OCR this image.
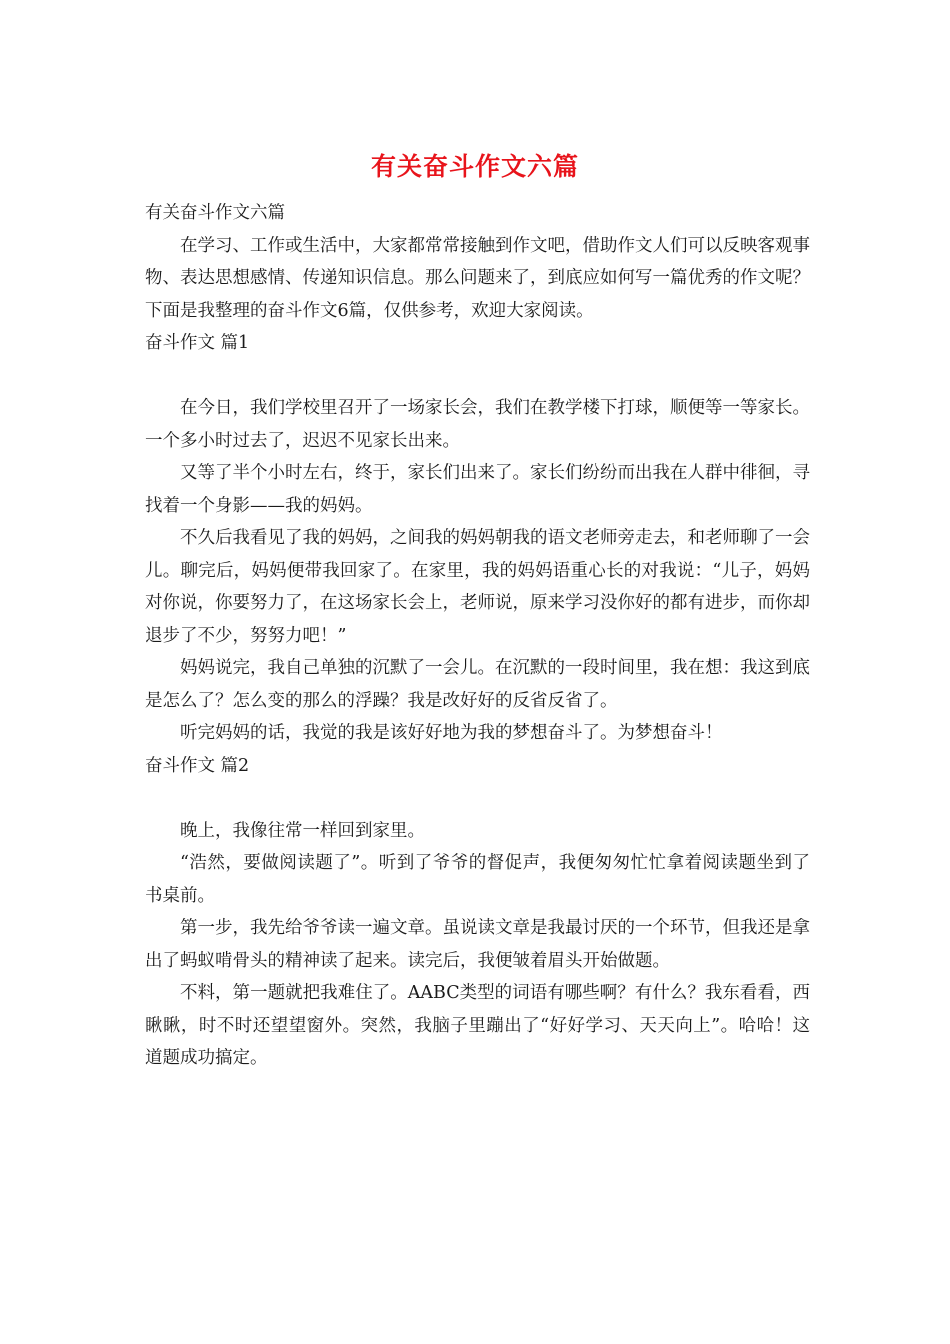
有关奋斗作文六篇

有关奋斗作文六篇

在学习、工作或生活中，大家都常常接触到作文吧，借助作文人们可以反映客观事物、表达思想感情、传递知识信息。那么问题来了，到底应如何写一篇优秀的作文呢？下面是我整理的奋斗作文6篇，仅供参考，欢迎大家阅读。

奋斗作文 篇1

在今日，我们学校里召开了一场家长会，我们在教学楼下打球，顺便等一等家长。一个多小时过去了，迟迟不见家长出来。

又等了半个小时左右，终于，家长们出来了。家长们纷纷而出我在人群中徘徊，寻找着一个身影——我的妈妈。

不久后我看见了我的妈妈，之间我的妈妈朝我的语文老师旁走去，和老师聊了一会儿。聊完后，妈妈便带我回家了。在家里，我的妈妈语重心长的对我说：“儿子，妈妈对你说，你要努力了，在这场家长会上，老师说，原来学习没你好的都有进步，而你却退步了不少，努努力吧！”

妈妈说完，我自己单独的沉默了一会儿。在沉默的一段时间里，我在想：我这到底是怎么了？怎么变的那么的浮躁？我是改好好的反省反省了。

听完妈妈的话，我觉的我是该好好地为我的梦想奋斗了。为梦想奋斗！

奋斗作文 篇2

晚上，我像往常一样回到家里。

“浩然，要做阅读题了”。听到了爷爷的督促声，我便匆匆忙忙拿着阅读题坐到了书桌前。

第一步，我先给爷爷读一遍文章。虽说读文章是我最讨厌的一个环节，但我还是拿出了蚂蚁啃骨头的精神读了起来。读完后，我便皱着眉头开始做题。

不料，第一题就把我难住了。AABC类型的词语有哪些啊？有什么？我东看看，西瞅瞅，时不时还望望窗外。突然，我脑子里蹦出了“好好学习、天天向上”。哈哈！这道题成功搞定。
